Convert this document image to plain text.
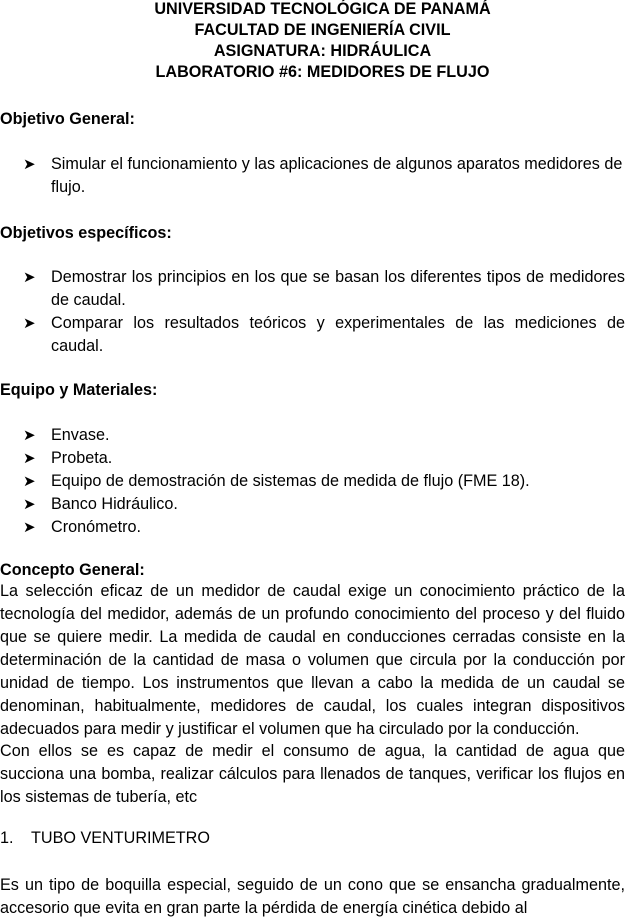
UNIVERSIDAD TECNOLÓGICA DE PANAMÁ
FACULTAD DE INGENIERÍA CIVIL
ASIGNATURA: HIDRÁULICA
LABORATORIO #6: MEDIDORES DE FLUJO
Objetivo General:
➤ Simular el funcionamiento y las aplicaciones de algunos aparatos medidores de flujo.
Objetivos específicos:
➤ Demostrar los principios en los que se basan los diferentes tipos de medidores de caudal.
➤ Comparar los resultados teóricos y experimentales de las mediciones de caudal.
Equipo y Materiales:
➤ Envase.
➤ Probeta.
➤ Equipo de demostración de sistemas de medida de flujo (FME 18).
➤ Banco Hidráulico.
➤ Cronómetro.
Concepto General:
La selección eficaz de un medidor de caudal exige un conocimiento práctico de la tecnología del medidor, además de un profundo conocimiento del proceso y del fluido que se quiere medir. La medida de caudal en conducciones cerradas consiste en la determinación de la cantidad de masa o volumen que circula por la conducción por unidad de tiempo. Los instrumentos que llevan a cabo la medida de un caudal se denominan, habitualmente, medidores de caudal, los cuales integran dispositivos adecuados para medir y justificar el volumen que ha circulado por la conducción.
Con ellos se es capaz de medir el consumo de agua, la cantidad de agua que succiona una bomba, realizar cálculos para llenados de tanques, verificar los flujos en los sistemas de tubería, etc
1. TUBO VENTURIMETRO
Es un tipo de boquilla especial, seguido de un cono que se ensancha gradualmente, accesorio que evita en gran parte la pérdida de energía cinética debido al
